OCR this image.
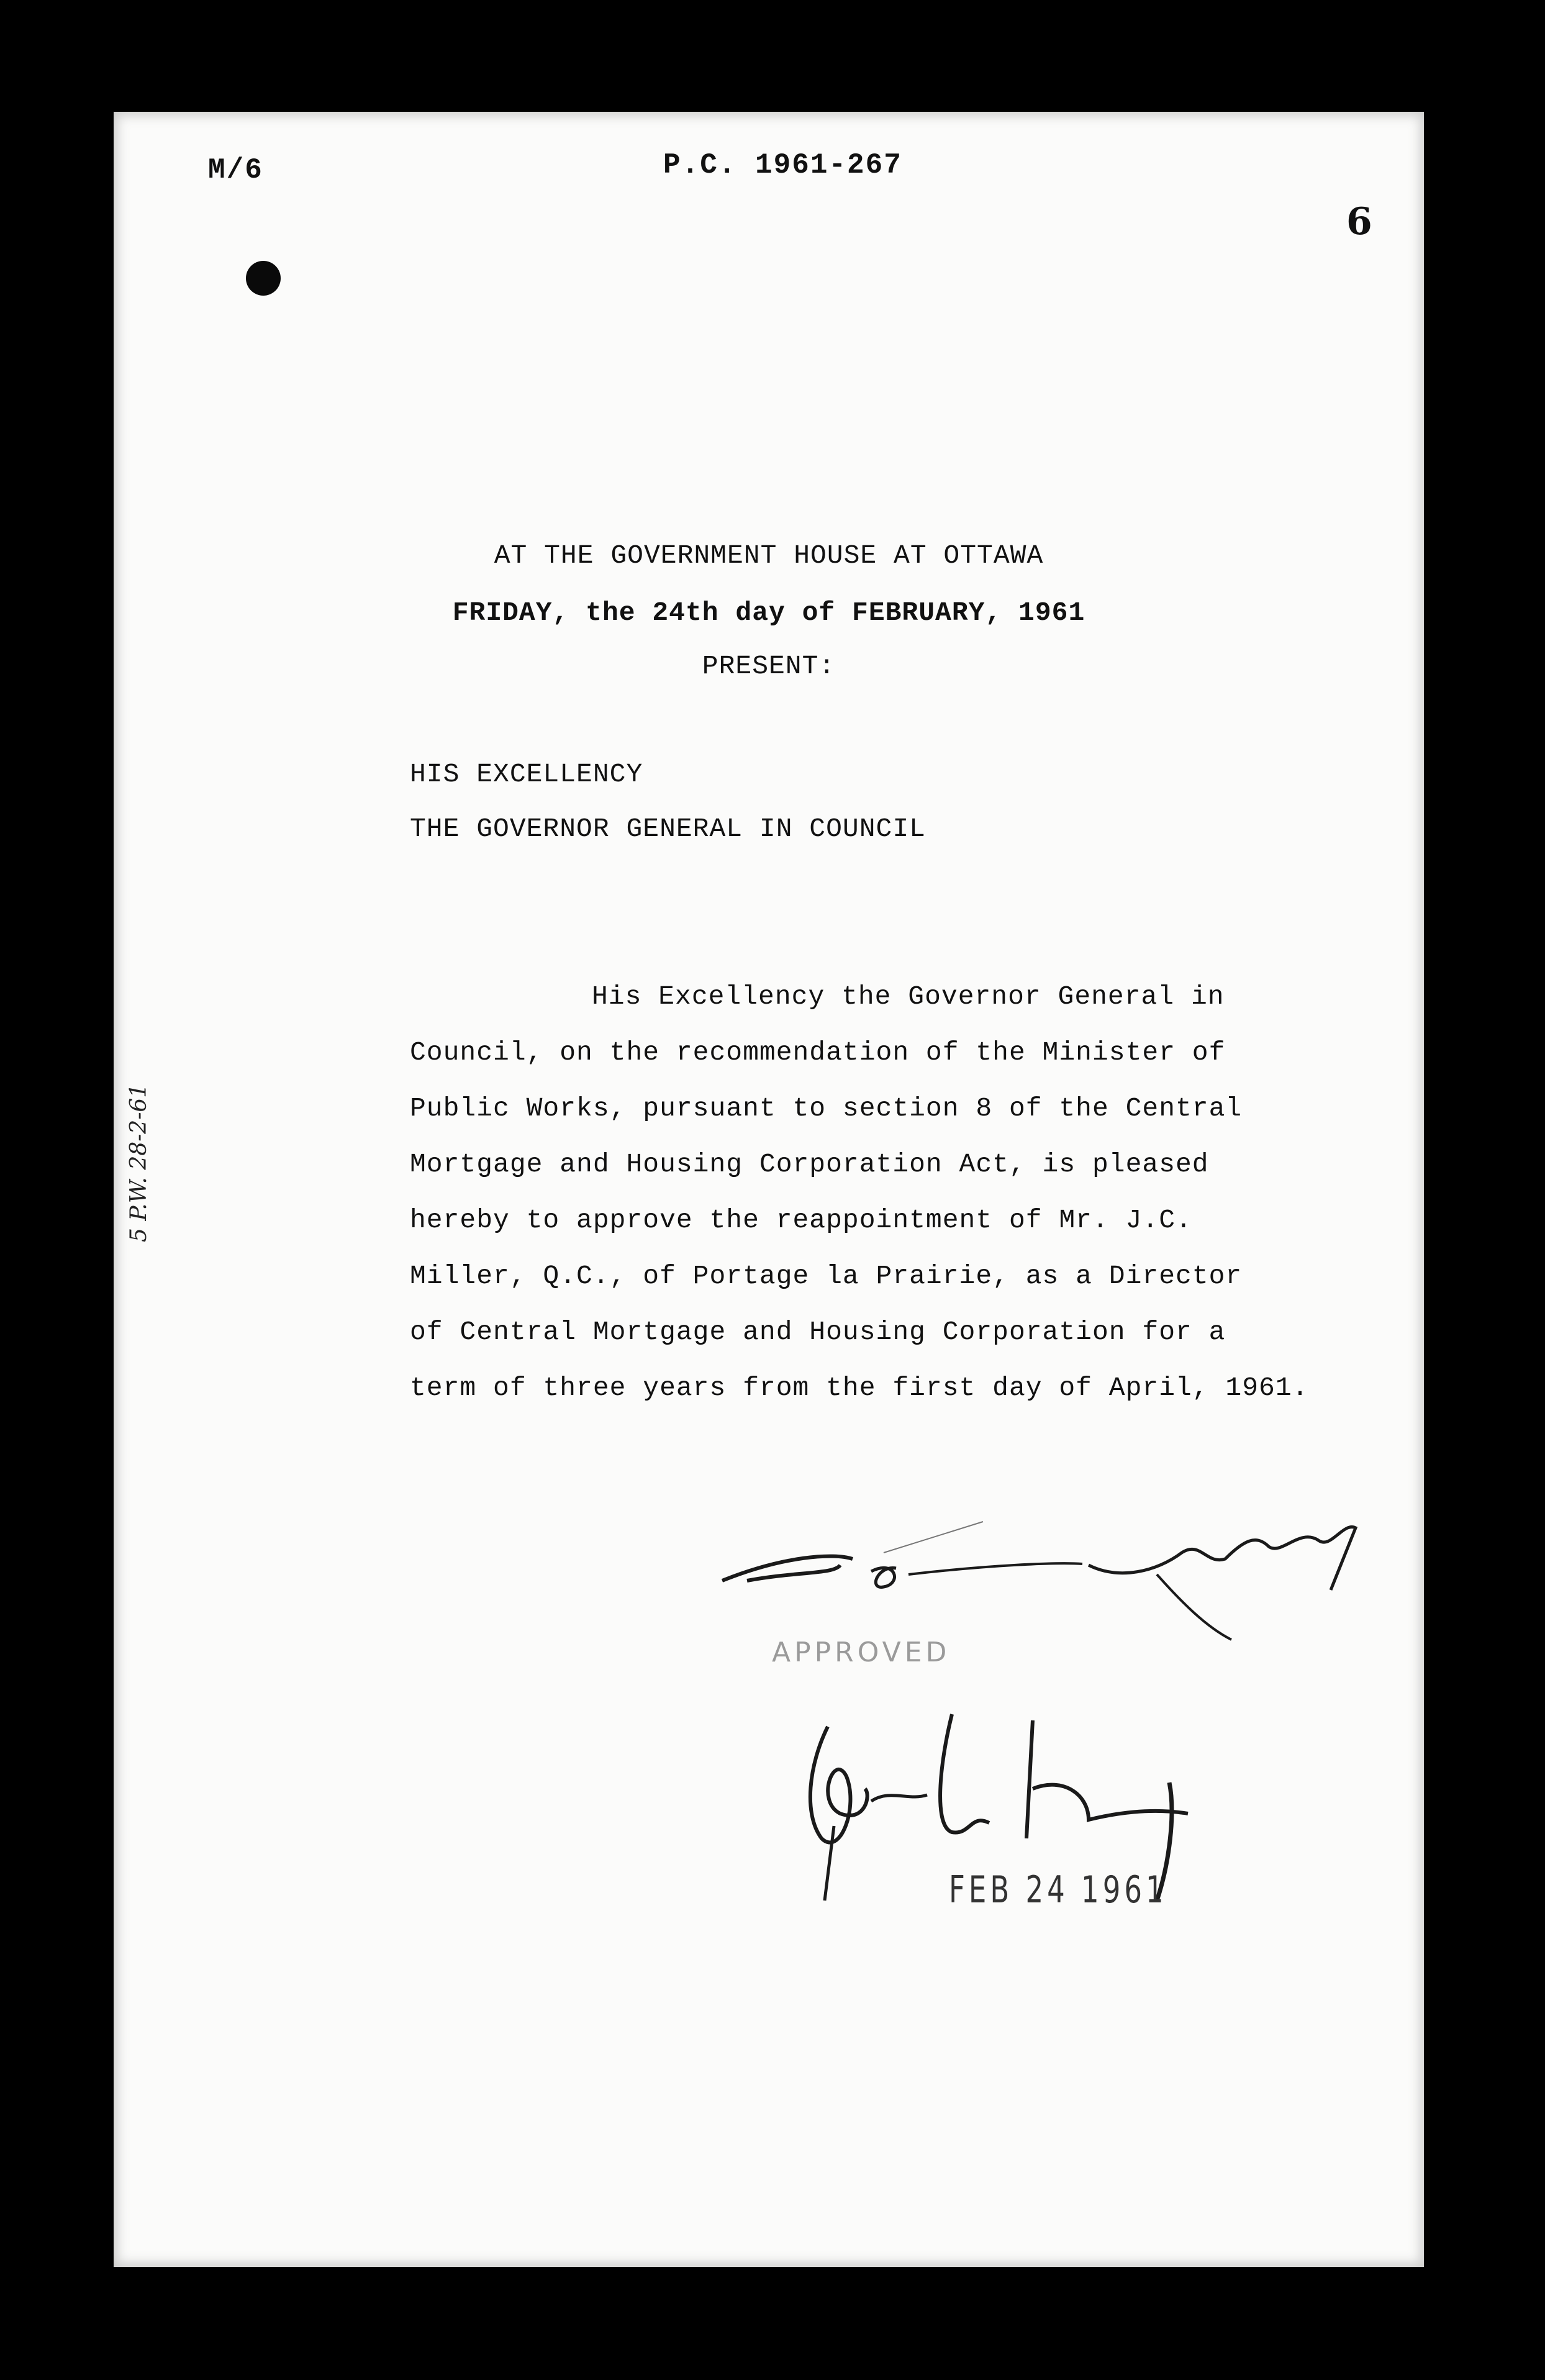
M/6	P.C. 1961-267
6
AT THE GOVERNMENT HOUSE AT OTTAWA
FRIDAY, the 24th day of FEBRUARY, 1961
PRESENT:
HIS EXCELLENCY
THE GOVERNOR GENERAL IN COUNCIL
His Excellency the Governor General in
Council, on the recommendation of the Minister of
Public Works, pursuant to section 8 of the Central
Mortgage and Housing Corporation Act, is pleased
hereby to approve the reappointment of Mr. J.C.
Miller, Q.C., of Portage la Prairie, as a Director
of Central Mortgage and Housing Corporation for a
term of three years from the first day of April, 1961.
5 P.W. 28-2-61
APPROVED
FEB 24 1961
